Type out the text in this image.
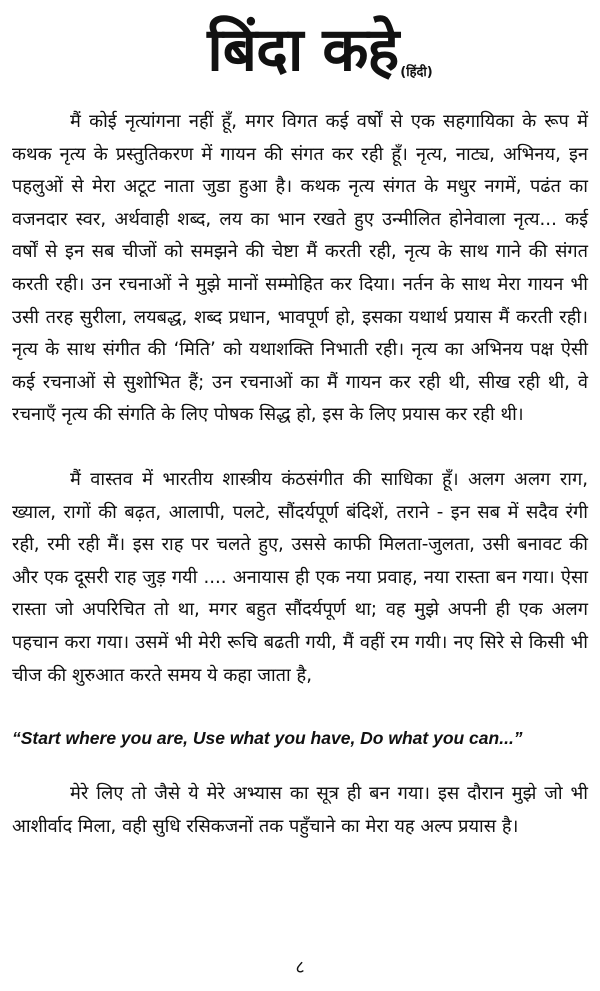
बिंदा कहे (हिंदी)

मैं कोई नृत्यांगना नहीं हूँ, मगर विगत कई वर्षों से एक सहगायिका के रूप में कथक नृत्य के प्रस्तुतिकरण में गायन की संगत कर रही हूँ। नृत्य, नाट्य, अभिनय, इन पहलुओं से मेरा अटूट नाता जुडा हुआ है। कथक नृत्य संगत के मधुर नगमें, पढंत का वजनदार स्वर, अर्थवाही शब्द, लय का भान रखते हुए उन्मीलित होनेवाला नृत्य... कई वर्षों से इन सब चीजों को समझने की चेष्टा मैं करती रही, नृत्य के साथ गाने की संगत करती रही। उन रचनाओं ने मुझे मानों सम्मोहित कर दिया। नर्तन के साथ मेरा गायन भी उसी तरह सुरीला, लयबद्ध, शब्द प्रधान, भावपूर्ण हो, इसका यथार्थ प्रयास मैं करती रही। नृत्य के साथ संगीत की ‘मिति’ को यथाशक्ति निभाती रही। नृत्य का अभिनय पक्ष ऐसी कई रचनाओं से सुशोभित हैं; उन रचनाओं का मैं गायन कर रही थी, सीख रही थी, वे रचनाएँ नृत्य की संगति के लिए पोषक सिद्ध हो, इस के लिए प्रयास कर रही थी।

मैं वास्तव में भारतीय शास्त्रीय कंठसंगीत की साधिका हूँ। अलग अलग राग, ख्याल, रागों की बढ़त, आलापी, पलटे, सौंदर्यपूर्ण बंदिशें, तराने - इन सब में सदैव रंगी रही, रमी रही मैं। इस राह पर चलते हुए, उससे काफी मिलता-जुलता, उसी बनावट की और एक दूसरी राह जुड़ गयी .... अनायास ही एक नया प्रवाह, नया रास्ता बन गया। ऐसा रास्ता जो अपरिचित तो था, मगर बहुत सौंदर्यपूर्ण था; वह मुझे अपनी ही एक अलग पहचान करा गया। उसमें भी मेरी रूचि बढती गयी, मैं वहीं रम गयी। नए सिरे से किसी भी चीज की शुरुआत करते समय ये कहा जाता है,

“Start where you are, Use what you have, Do what you can...”

मेरे लिए तो जैसे ये मेरे अभ्यास का सूत्र ही बन गया। इस दौरान मुझे जो भी आशीर्वाद मिला, वही सुधि रसिकजनों तक पहुँचाने का मेरा यह अल्प प्रयास है।

८
